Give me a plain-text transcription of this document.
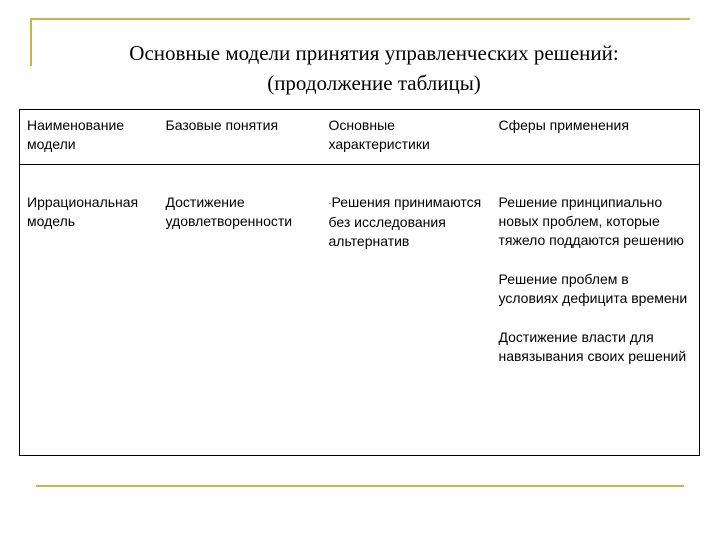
Основные модели принятия управленческих решений:
(продолжение таблицы)
Наименование модели	Базовые понятия	Основные характеристики	Сферы применения
Иррациональная модель	Достижение удовлетворенности	-Решения принимаются без исследования альтернатив	Решение принципиально новых проблем, которые тяжело поддаются решению
Решение проблем в условиях дефицита времени
Достижение власти для навязывания своих решений
